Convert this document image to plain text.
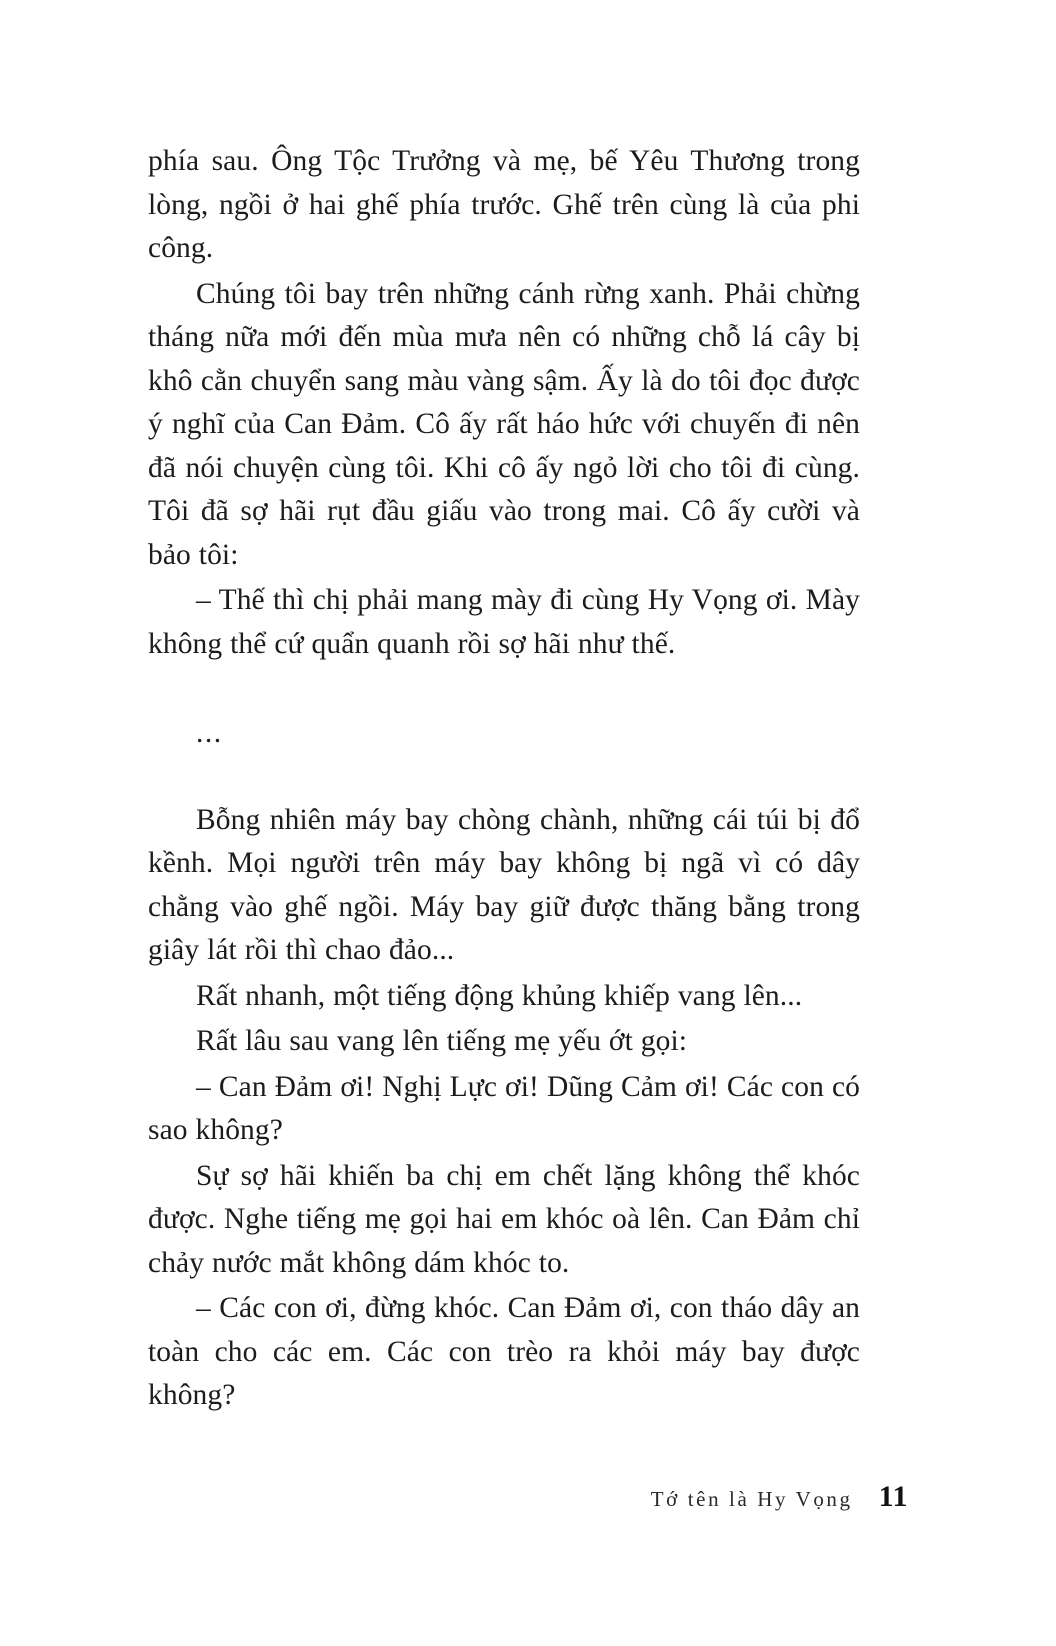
phía sau. Ông Tộc Trưởng và mẹ, bế Yêu Thương trong lòng, ngồi ở hai ghế phía trước. Ghế trên cùng là của phi công.

Chúng tôi bay trên những cánh rừng xanh. Phải chừng tháng nữa mới đến mùa mưa nên có những chỗ lá cây bị khô cằn chuyển sang màu vàng sậm. Ấy là do tôi đọc được ý nghĩ của Can Đảm. Cô ấy rất háo hức với chuyến đi nên đã nói chuyện cùng tôi. Khi cô ấy ngỏ lời cho tôi đi cùng. Tôi đã sợ hãi rụt đầu giấu vào trong mai. Cô ấy cười và bảo tôi:

– Thế thì chị phải mang mày đi cùng Hy Vọng ơi. Mày không thể cứ quẩn quanh rồi sợ hãi như thế.

...

Bỗng nhiên máy bay chòng chành, những cái túi bị đổ kềnh. Mọi người trên máy bay không bị ngã vì có dây chằng vào ghế ngồi. Máy bay giữ được thăng bằng trong giây lát rồi thì chao đảo...

Rất nhanh, một tiếng động khủng khiếp vang lên...

Rất lâu sau vang lên tiếng mẹ yếu ớt gọi:

– Can Đảm ơi! Nghị Lực ơi! Dũng Cảm ơi! Các con có sao không?

Sự sợ hãi khiến ba chị em chết lặng không thể khóc được. Nghe tiếng mẹ gọi hai em khóc oà lên. Can Đảm chỉ chảy nước mắt không dám khóc to.

– Các con ơi, đừng khóc. Can Đảm ơi, con tháo dây an toàn cho các em. Các con trèo ra khỏi máy bay được không?

Tớ tên là Hy Vọng 11
